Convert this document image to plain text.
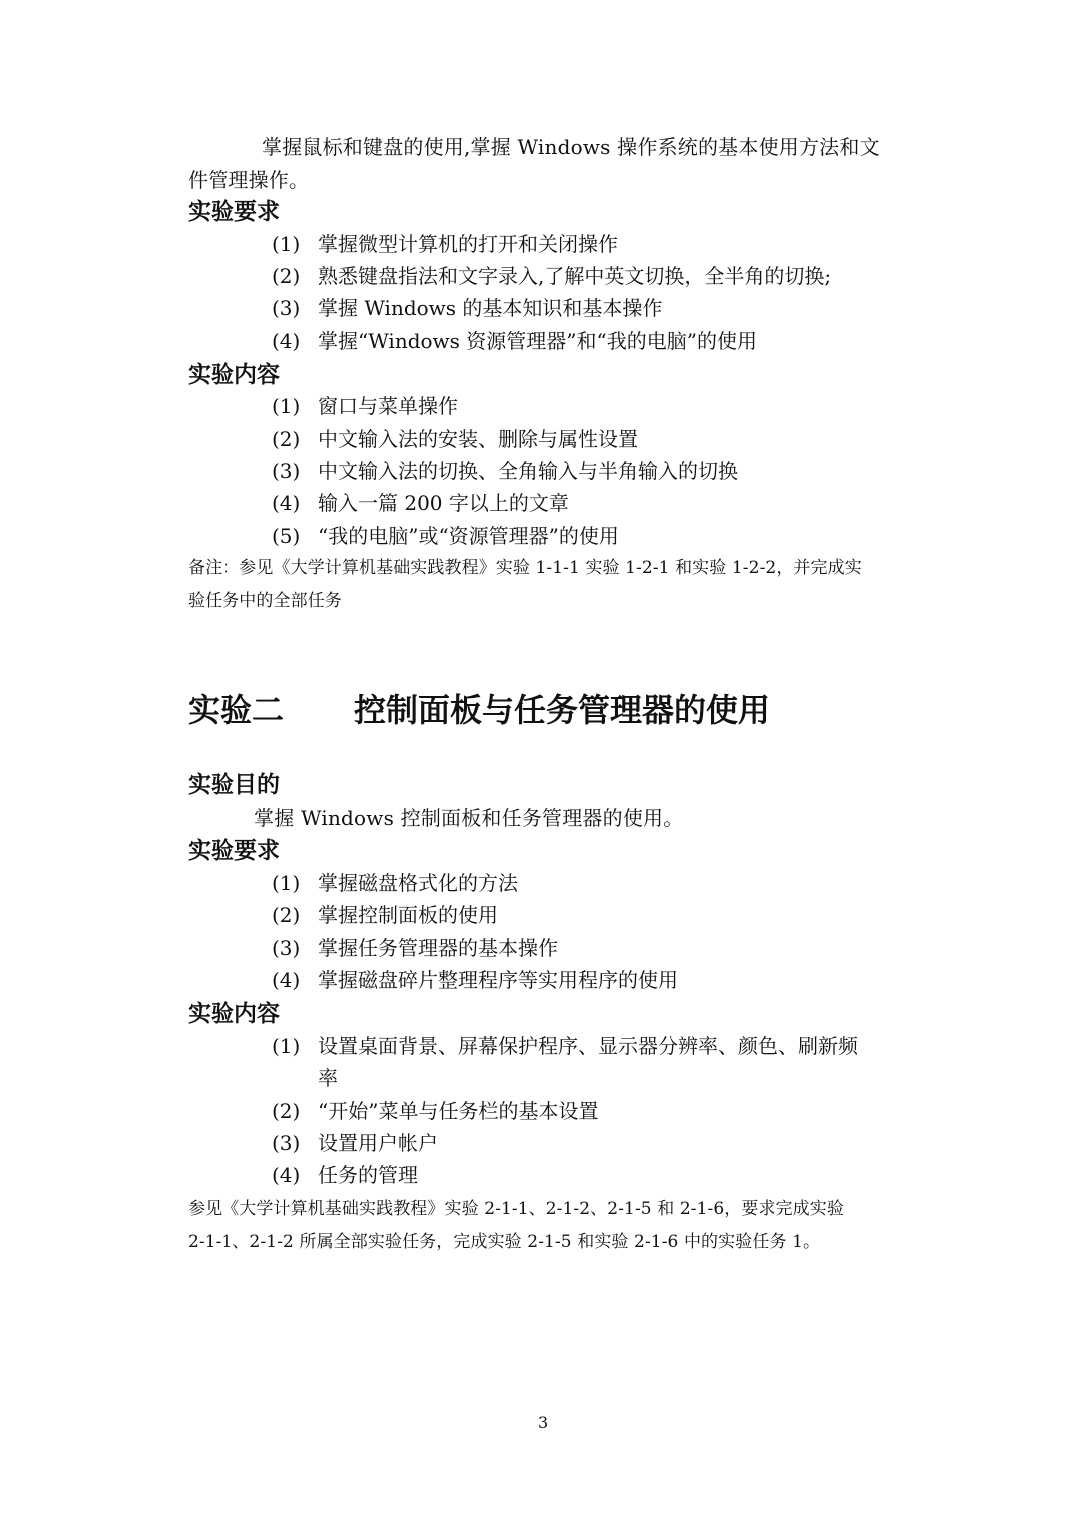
掌握鼠标和键盘的使用,掌握 Windows 操作系统的基本使用方法和文
件管理操作。
实验要求
(1) 掌握微型计算机的打开和关闭操作
(2) 熟悉键盘指法和文字录入,了解中英文切换，全半角的切换;
(3) 掌握 Windows 的基本知识和基本操作
(4) 掌握“Windows 资源管理器”和“我的电脑”的使用
实验内容
(1) 窗口与菜单操作
(2) 中文输入法的安装、删除与属性设置
(3) 中文输入法的切换、全角输入与半角输入的切换
(4) 输入一篇 200 字以上的文章
(5) “我的电脑”或“资源管理器”的使用
备注：参见《大学计算机基础实践教程》实验 1-1-1 实验 1-2-1 和实验 1-2-2，并完成实
验任务中的全部任务
实验二 控制面板与任务管理器的使用
实验目的
掌握 Windows 控制面板和任务管理器的使用。
实验要求
(1) 掌握磁盘格式化的方法
(2) 掌握控制面板的使用
(3) 掌握任务管理器的基本操作
(4) 掌握磁盘碎片整理程序等实用程序的使用
实验内容
(1) 设置桌面背景、屏幕保护程序、显示器分辨率、颜色、刷新频
率
(2) “开始”菜单与任务栏的基本设置
(3) 设置用户帐户
(4) 任务的管理
参见《大学计算机基础实践教程》实验 2-1-1、2-1-2、2-1-5 和 2-1-6，要求完成实验
2-1-1、2-1-2 所属全部实验任务，完成实验 2-1-5 和实验 2-1-6 中的实验任务 1。
3
